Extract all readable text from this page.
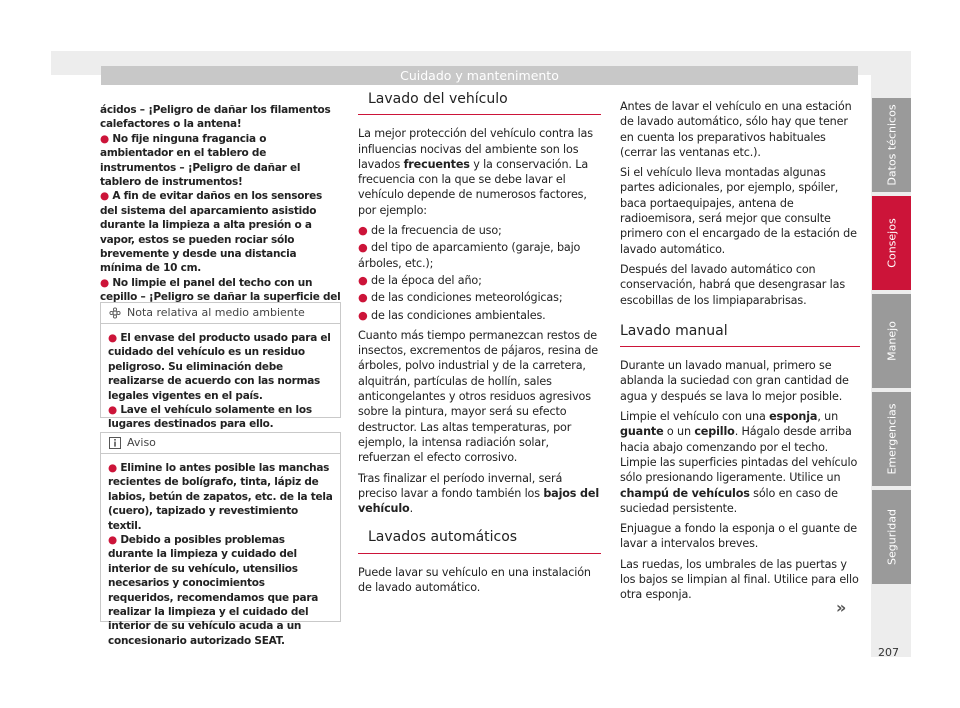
Cuidado y mantenimento

ácidos – ¡Peligro de dañar los filamentos calefactores o la antena!

● No fije ninguna fragancia o ambientador en el tablero de instrumentos – ¡Peligro de dañar el tablero de instrumentos!

● A fin de evitar daños en los sensores del sistema del aparcamiento asistido durante la limpieza a alta presión o a vapor, estos se pueden rociar sólo brevemente y desde una distancia mínima de 10 cm.

● No limpie el panel del techo con un cepillo – ¡Peligro se dañar la superficie del

Nota relativa al medio ambiente

● El envase del producto usado para el cuidado del vehículo es un residuo peligroso. Su eliminación debe realizarse de acuerdo con las normas legales vigentes en el país.

● Lave el vehículo solamente en los lugares destinados para ello.

Aviso

● Elimine lo antes posible las manchas recientes de bolígrafo, tinta, lápiz de labios, betún de zapatos, etc. de la tela (cuero), tapizado y revestimiento textil.

● Debido a posibles problemas durante la limpieza y cuidado del interior de su vehículo, utensilios necesarios y conocimientos requeridos, recomendamos que para realizar la limpieza y el cuidado del interior de su vehículo acuda a un concesionario autorizado SEAT.

Lavado del vehículo

La mejor protección del vehículo contra las influencias nocivas del ambiente son los lavados frecuentes y la conservación. La frecuencia con la que se debe lavar el vehículo depende de numerosos factores, por ejemplo:

● de la frecuencia de uso;

● del tipo de aparcamiento (garaje, bajo árboles, etc.);

● de la época del año;

● de las condiciones meteorológicas;

● de las condiciones ambientales.

Cuanto más tiempo permanezcan restos de insectos, excrementos de pájaros, resina de árboles, polvo industrial y de la carretera, alquitrán, partículas de hollín, sales anticongelantes y otros residuos agresivos sobre la pintura, mayor será su efecto destructor. Las altas temperaturas, por ejemplo, la intensa radiación solar, refuerzan el efecto corrosivo.

Tras finalizar el período invernal, será preciso lavar a fondo también los bajos del vehículo.

Lavados automáticos

Puede lavar su vehículo en una instalación de lavado automático.

Antes de lavar el vehículo en una estación de lavado automático, sólo hay que tener en cuenta los preparativos habituales (cerrar las ventanas etc.).

Si el vehículo lleva montadas algunas partes adicionales, por ejemplo, spóiler, baca portaequipajes, antena de radioemisora, será mejor que consulte primero con el encargado de la estación de lavado automático.

Después del lavado automático con conservación, habrá que desengrasar las escobillas de los limpiaparabrisas.

Lavado manual

Durante un lavado manual, primero se ablanda la suciedad con gran cantidad de agua y después se lava lo mejor posible.

Limpie el vehículo con una esponja, un guante o un cepillo. Hágalo desde arriba hacia abajo comenzando por el techo. Limpie las superficies pintadas del vehículo sólo presionando ligeramente. Utilice un champú de vehículos sólo en caso de suciedad persistente.

Enjuague a fondo la esponja o el guante de lavar a intervalos breves.

Las ruedas, los umbrales de las puertas y los bajos se limpian al final. Utilice para ello otra esponja.

»
Datos técnicos
Consejos
Manejo
Emergencias
Seguridad
207
